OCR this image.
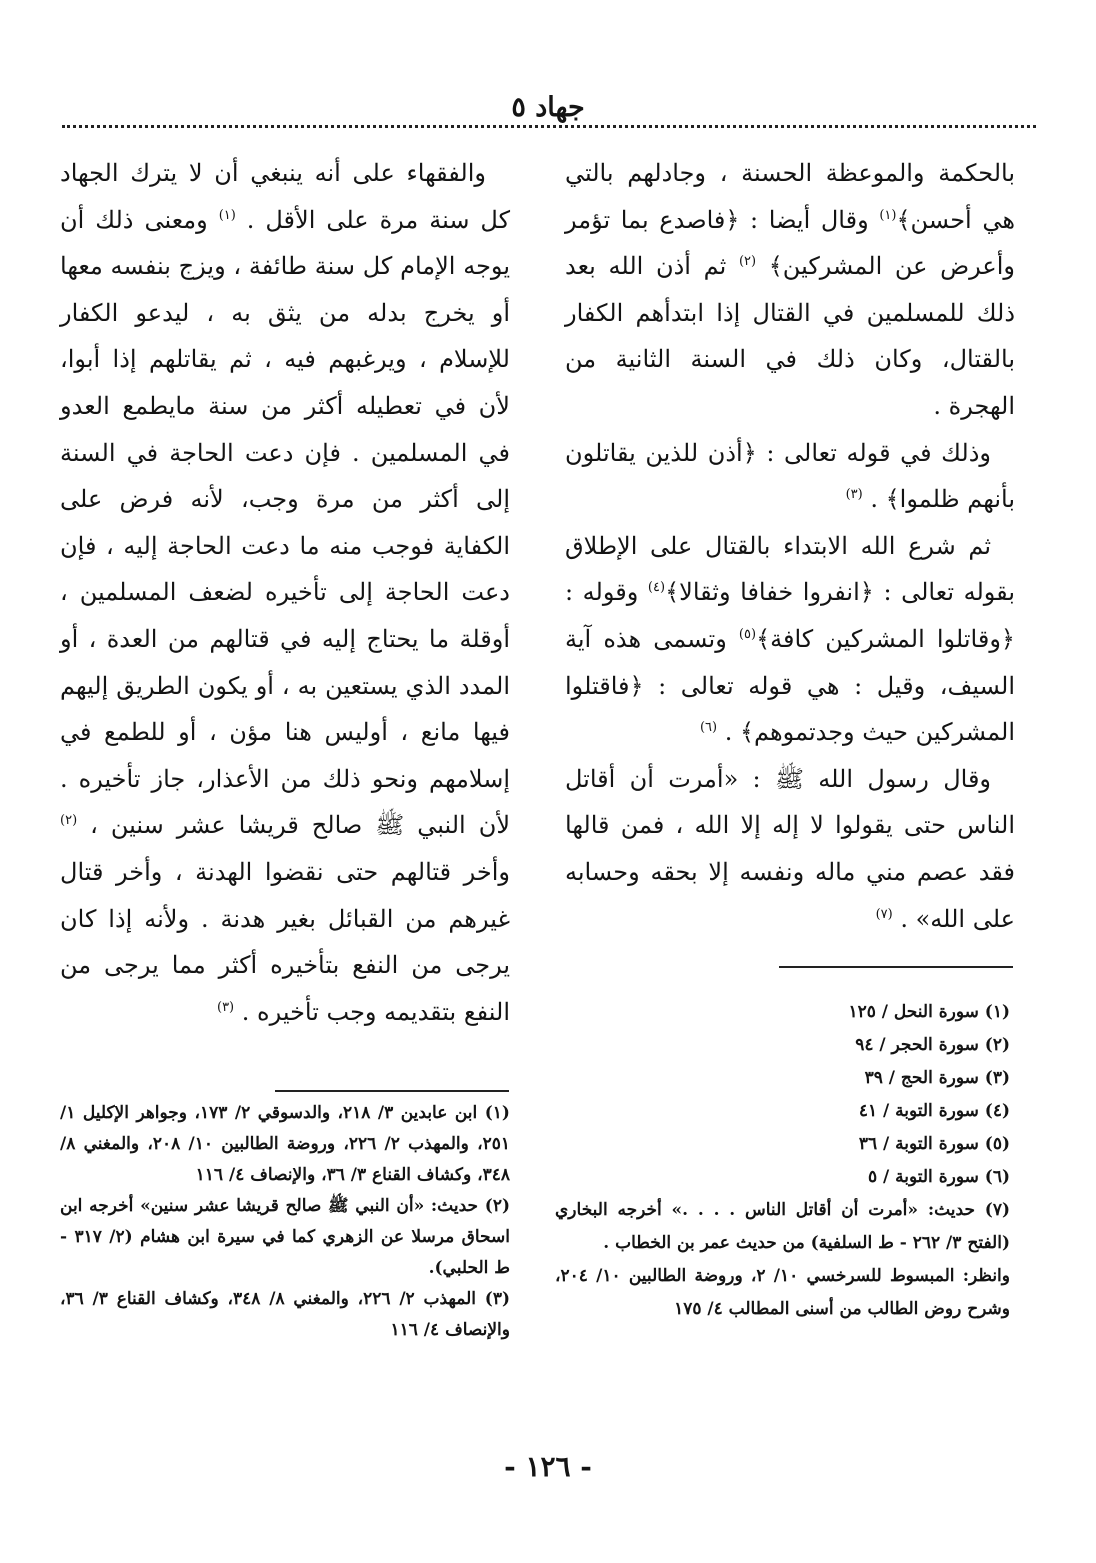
جهاد ٥

بالحكمة والموعظة الحسنة ، وجادلهم بالتي هي أحسن﴾$^{(١)}$ وقال أيضا : ﴿فاصدع بما تؤمر وأعرض عن المشركين﴾ $^{(٢)}$ ثم أذن الله بعد ذلك للمسلمين في القتال إذا ابتدأهم الكفار بالقتال، وكان ذلك في السنة الثانية من الهجرة .

وذلك في قوله تعالى : ﴿أذن للذين يقاتلون بأنهم ظلموا﴾ . $^{(٣)}$

ثم شرع الله الابتداء بالقتال على الإطلاق بقوله تعالى : ﴿انفروا خفافا وثقالا﴾$^{(٤)}$ وقوله : ﴿وقاتلوا المشركين كافة﴾$^{(٥)}$ وتسمى هذه آية السيف، وقيل : هي قوله تعالى : ﴿فاقتلوا المشركين حيث وجدتموهم﴾ . $^{(٦)}$

وقال رسول الله ﷺ : «أمرت أن أقاتل الناس حتى يقولوا لا إله إلا الله ، فمن قالها فقد عصم مني ماله ونفسه إلا بحقه وحسابه على الله» . $^{(٧)}$

والفقهاء على أنه ينبغي أن لا يترك الجهاد كل سنة مرة على الأقل . $^{(١)}$ ومعنى ذلك أن يوجه الإمام كل سنة طائفة ، ويزج بنفسه معها أو يخرج بدله من يثق به ، ليدعو الكفار للإسلام ، ويرغبهم فيه ، ثم يقاتلهم إذا أبوا، لأن في تعطيله أكثر من سنة مايطمع العدو في المسلمين . فإن دعت الحاجة في السنة إلى أكثر من مرة وجب، لأنه فرض على الكفاية فوجب منه ما دعت الحاجة إليه ، فإن دعت الحاجة إلى تأخيره لضعف المسلمين ، أوقلة ما يحتاج إليه في قتالهم من العدة ، أو المدد الذي يستعين به ، أو يكون الطريق إليهم فيها مانع ، أوليس هنا مؤن ، أو للطمع في إسلامهم ونحو ذلك من الأعذار، جاز تأخيره . لأن النبي ﷺ صالح قريشا عشر سنين ، $^{(٢)}$ وأخر قتالهم حتى نقضوا الهدنة ، وأخر قتال غيرهم من القبائل بغير هدنة . ولأنه إذا كان يرجى من النفع بتأخيره أكثر مما يرجى من النفع بتقديمه وجب تأخيره . $^{(٣)}$	(١) سورة النحل / ١٢٥
(٢) سورة الحجر / ٩٤
(٣) سورة الحج / ٣٩
(٤) سورة التوبة / ٤١
(٥) سورة التوبة / ٣٦
(٦) سورة التوبة / ٥
(٧) حديث: «أمرت أن أقاتل الناس . . . .» أخرجه البخاري (الفتح ٣/ ٢٦٢ - ط السلفية) من حديث عمر بن الخطاب .
وانظر: المبسوط للسرخسي ١٠/ ٢، وروضة الطالبين ١٠/ ٢٠٤، وشرح روض الطالب من أسنى المطالب ٤/ ١٧٥
(١) ابن عابدين ٣/ ٢١٨، والدسوقي ٢/ ١٧٣، وجواهر الإكليل ١/ ٢٥١، والمهذب ٢/ ٢٢٦، وروضة الطالبين ١٠/ ٢٠٨، والمغني ٨/ ٣٤٨، وكشاف القناع ٣/ ٣٦، والإنصاف ٤/ ١١٦
(٢) حديث: «أن النبي ﷺ صالح قريشا عشر سنين» أخرجه ابن اسحاق مرسلا عن الزهري كما في سيرة ابن هشام (٢/ ٣١٧ - ط الحلبي).
(٣) المهذب ٢/ ٢٢٦، والمغني ٨/ ٣٤٨، وكشاف القناع ٣/ ٣٦، والإنصاف ٤/ ١١٦
- ١٢٦ -
